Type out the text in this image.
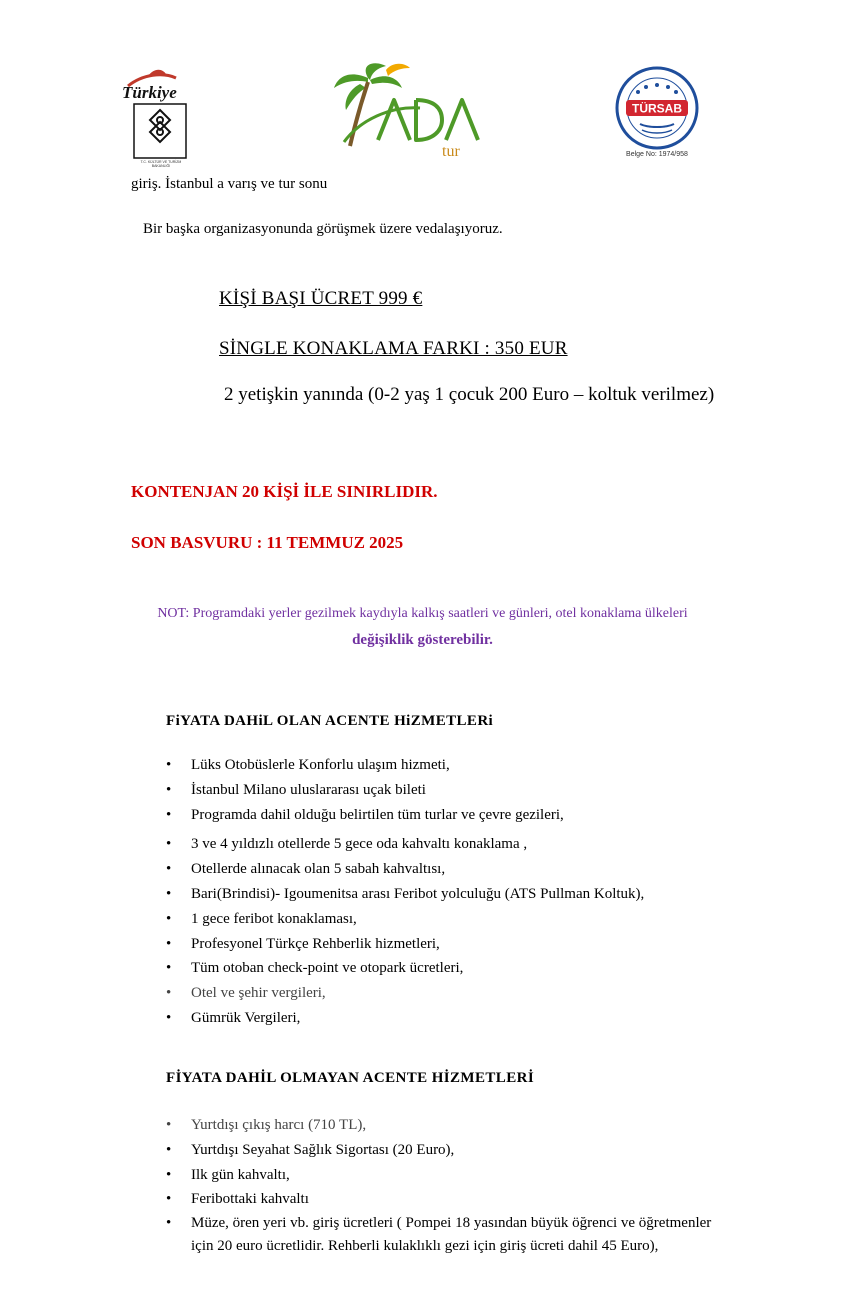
Türkiye
T.C. KÜLTÜR VE TURİZM BAKANLIĞI
tur
TÜRSAB
Belge No: 1974/958
giriş. İstanbul a varış ve tur sonu
Bir başka organizasyonunda görüşmek üzere vedalaşıyoruz.
KİŞİ BAŞI ÜCRET 999 €
SİNGLE KONAKLAMA FARKI : 350 EUR
2 yetişkin yanında (0-2 yaş 1 çocuk 200 Euro – koltuk verilmez)
KONTENJAN 20 KİŞİ İLE SINIRLIDIR.
SON BASVURU : 11 TEMMUZ 2025
NOT: Programdaki yerler gezilmek kaydıyla kalkış saatleri ve günleri, otel konaklama ülkeleri
değişiklik gösterebilir.
FiYATA DAHiL OLAN ACENTE HiZMETLERi
• Lüks Otobüslerle Konforlu ulaşım hizmeti,
• İstanbul Milano uluslararası uçak bileti
• Programda dahil olduğu belirtilen tüm turlar ve çevre gezileri,
• 3 ve 4 yıldızlı otellerde 5 gece oda kahvaltı konaklama ,
• Otellerde alınacak olan 5 sabah kahvaltısı,
• Bari(Brindisi)- Igoumenitsa arası Feribot yolculuğu (ATS Pullman Koltuk),
• 1 gece feribot konaklaması,
• Profesyonel Türkçe Rehberlik hizmetleri,
• Tüm otoban check-point ve otopark ücretleri,
• Otel ve şehir vergileri,
• Gümrük Vergileri,
FİYATA DAHİL OLMAYAN ACENTE HİZMETLERİ
• Yurtdışı çıkış harcı (710 TL),
• Yurtdışı Seyahat Sağlık Sigortası (20 Euro),
• Ilk gün kahvaltı,
• Feribottaki kahvaltı
• Müze, ören yeri vb. giriş ücretleri ( Pompei 18 yasından büyük öğrenci ve öğretmenler için 20 euro ücretlidir. Rehberli kulaklıklı gezi için giriş ücreti dahil 45 Euro),
